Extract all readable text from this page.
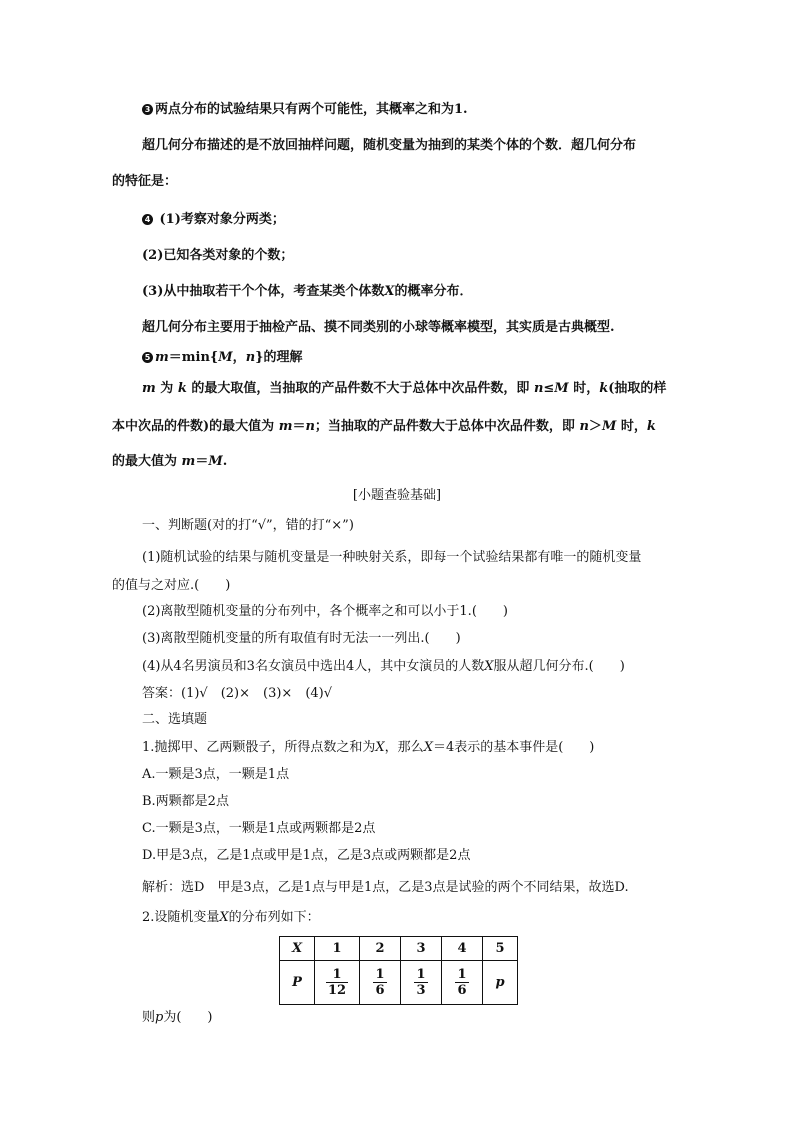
3 两点分布的试验结果只有两个可能性，其概率之和为1.
超几何分布描述的是不放回抽样问题，随机变量为抽到的某类个体的个数．超几何分布
的特征是：
4 (1)考察对象分两类；
(2)已知各类对象的个数；
(3)从中抽取若干个个体，考查某类个体数X的概率分布．
超几何分布主要用于抽检产品、摸不同类别的小球等概率模型，其实质是古典概型.
5 m＝min{M，n}的理解
m 为 k 的最大取值，当抽取的产品件数不大于总体中次品件数，即 n≤M 时，k(抽取的样
本中次品的件数)的最大值为 m＝n；当抽取的产品件数大于总体中次品件数，即 n＞M 时，k
的最大值为 m＝M.
[小题查验基础]
一、判断题(对的打“√”，错的打“×”)
(1)随机试验的结果与随机变量是一种映射关系，即每一个试验结果都有唯一的随机变量
的值与之对应.(　　)
(2)离散型随机变量的分布列中，各个概率之和可以小于1.(　　)
(3)离散型随机变量的所有取值有时无法一一列出.(　　)
(4)从4名男演员和3名女演员中选出4人，其中女演员的人数X服从超几何分布.(　　)
答案：(1)√　(2)×　(3)×　(4)√
二、选填题
1.抛掷甲、乙两颗骰子，所得点数之和为X，那么X＝4表示的基本事件是(　　)
A.一颗是3点，一颗是1点
B.两颗都是2点
C.一颗是3点，一颗是1点或两颗都是2点
D.甲是3点，乙是1点或甲是1点，乙是3点或两颗都是2点
解析：选D　甲是3点，乙是1点与甲是1点，乙是3点是试验的两个不同结果，故选D.
2.设随机变量X的分布列如下：
X	1	2	3	4	5
P	$\frac{1}{12}$	$\frac{1}{6}$	$\frac{1}{3}$	$\frac{1}{6}$	p
则p为(　　)
